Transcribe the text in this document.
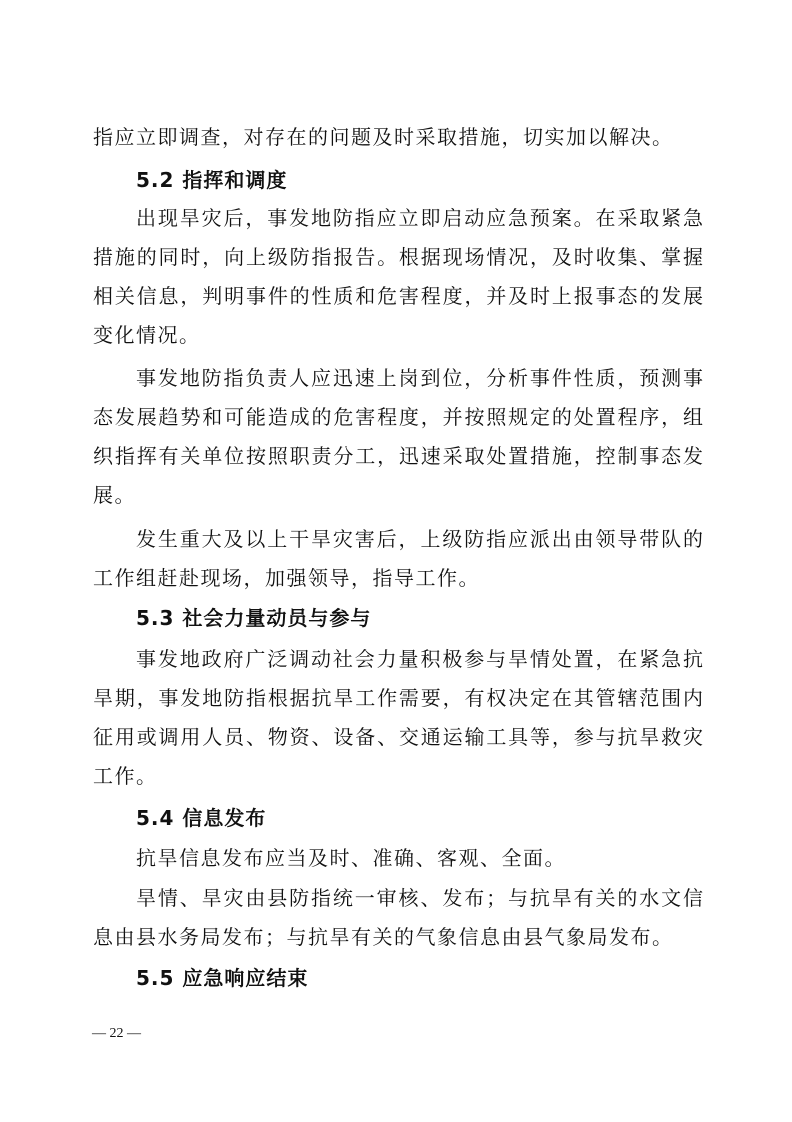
指应立即调查，对存在的问题及时采取措施，切实加以解决。
5.2 指挥和调度
出现旱灾后，事发地防指应立即启动应急预案。在采取紧急
措施的同时，向上级防指报告。根据现场情况，及时收集、掌握
相关信息，判明事件的性质和危害程度，并及时上报事态的发展
变化情况。
事发地防指负责人应迅速上岗到位，分析事件性质，预测事
态发展趋势和可能造成的危害程度，并按照规定的处置程序，组
织指挥有关单位按照职责分工，迅速采取处置措施，控制事态发
展。
发生重大及以上干旱灾害后，上级防指应派出由领导带队的
工作组赶赴现场，加强领导，指导工作。
5.3 社会力量动员与参与
事发地政府广泛调动社会力量积极参与旱情处置，在紧急抗
旱期，事发地防指根据抗旱工作需要，有权决定在其管辖范围内
征用或调用人员、物资、设备、交通运输工具等，参与抗旱救灾
工作。
5.4 信息发布
抗旱信息发布应当及时、准确、客观、全面。
旱情、旱灾由县防指统一审核、发布；与抗旱有关的水文信
息由县水务局发布；与抗旱有关的气象信息由县气象局发布。
5.5 应急响应结束
— 22 —
